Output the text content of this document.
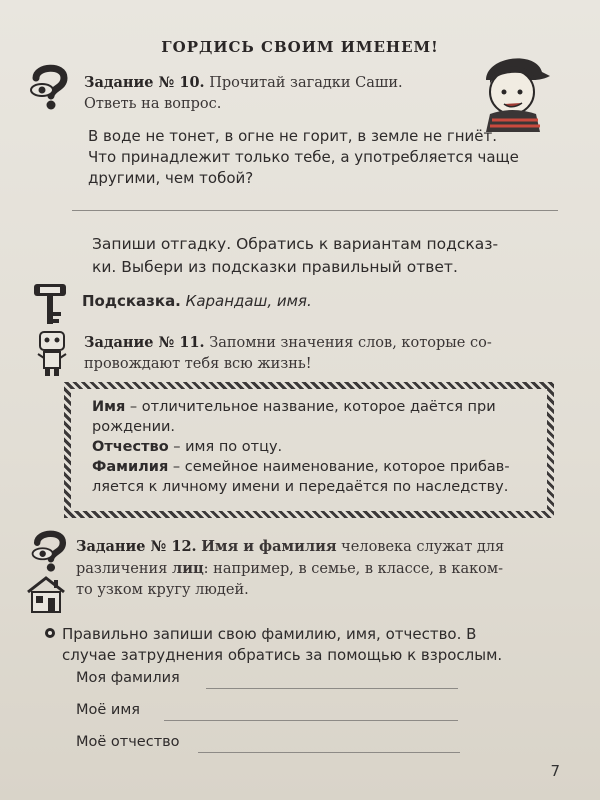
ГОРДИСЬ СВОИМ ИМЕНЕМ!
Задание № 10. Прочитай загадки Саши.
Ответь на вопрос.
В воде не тонет, в огне не горит, в земле не гниёт.
Что принадлежит только тебе, а употребляется чаще
другими, чем тобой?
Запиши отгадку. Обратись к вариантам подсказ-
ки. Выбери из подсказки правильный ответ.
Подсказка. Карандаш, имя.
Задание № 11. Запомни значения слов, которые со-
провождают тебя всю жизнь!
Имя – отличительное название, которое даётся при
рождении.
Отчество – имя по отцу.
Фамилия – семейное наименование, которое прибав-
ляется к личному имени и передаётся по наследству.
Задание № 12. Имя и фамилия человека служат для
различения лиц: например, в семье, в классе, в каком-
то узком кругу людей.
Правильно запиши свою фамилию, имя, отчество. В
случае затруднения обратись за помощью к взрослым.
Моя фамилия
Моё имя
Моё отчество
7
